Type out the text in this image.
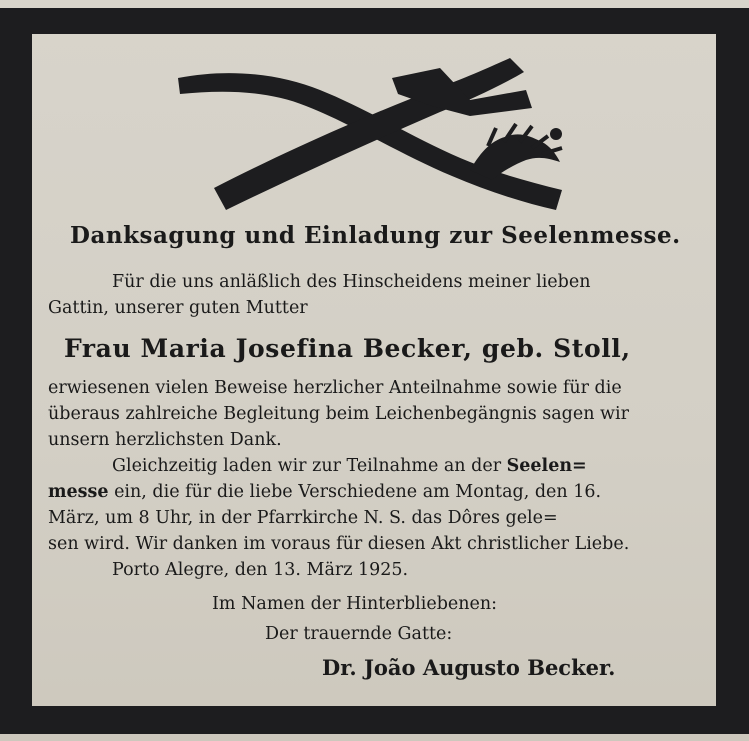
Danksagung und Einladung zur Seelenmesse.
Für die uns anläßlich des Hinscheidens meiner lieben
Gattin, unserer guten Mutter
Frau Maria Josefina Becker, geb. Stoll,
erwiesenen vielen Beweise herzlicher Anteilnahme sowie für die
überaus zahlreiche Begleitung beim Leichenbegängnis sagen wir
unsern herzlichsten Dank.
Gleichzeitig laden wir zur Teilnahme an der Seelen=
messe ein, die für die liebe Verschiedene am Montag, den 16.
März, um 8 Uhr, in der Pfarrkirche N. S. das Dôres gele=
sen wird. Wir danken im voraus für diesen Akt christlicher Liebe.
Porto Alegre, den 13. März 1925.
Im Namen der Hinterbliebenen:
Der trauernde Gatte:
Dr. João Augusto Becker.
